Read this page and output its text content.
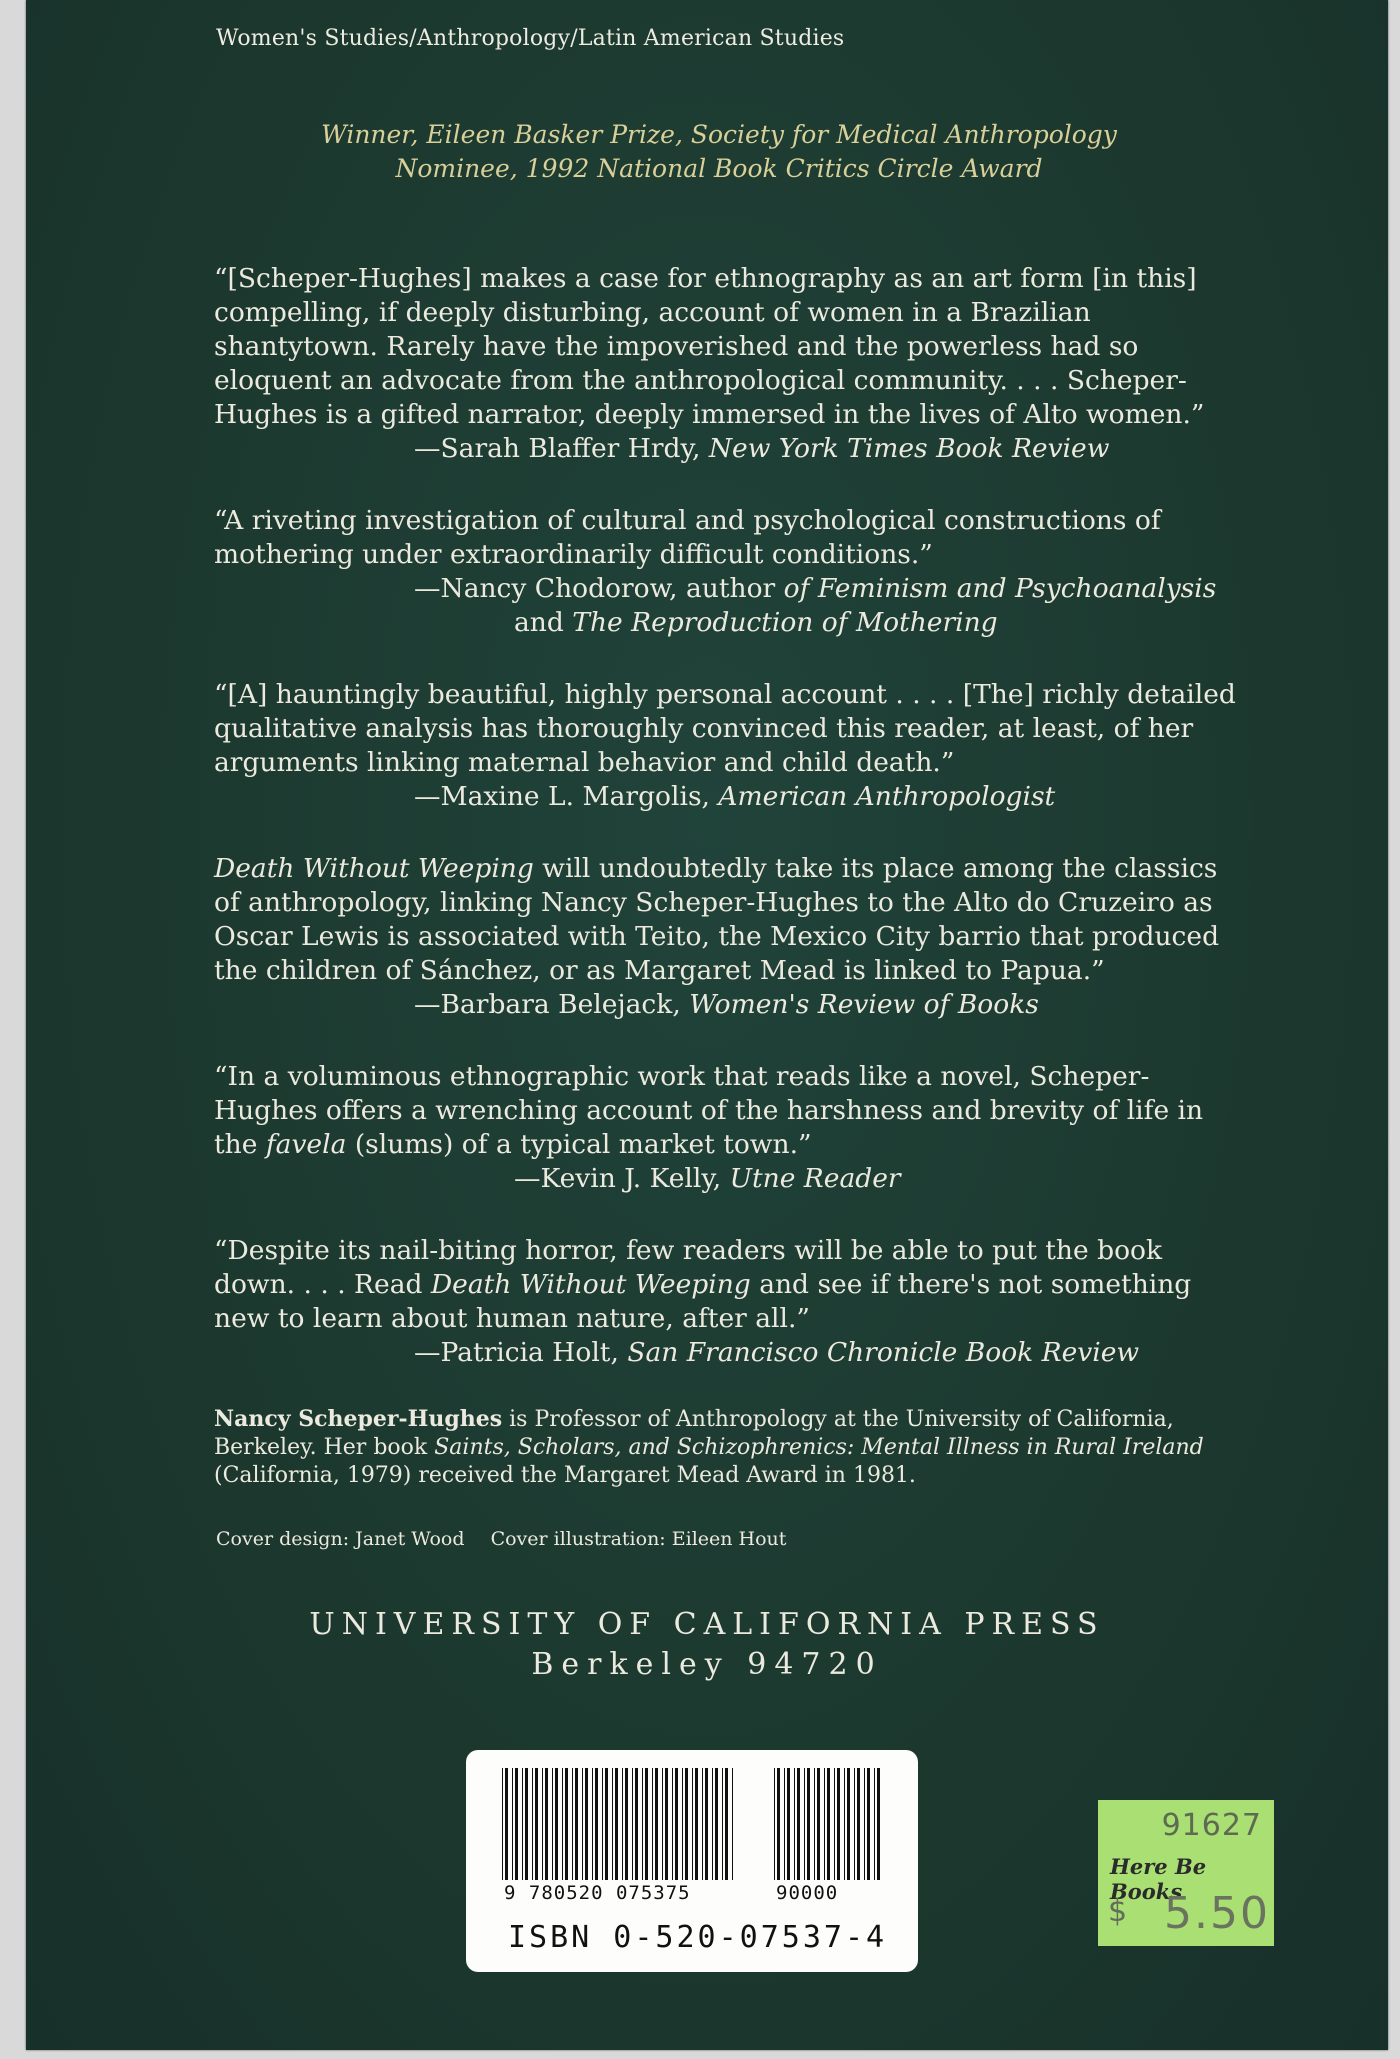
Women's Studies/Anthropology/Latin American Studies
Winner, Eileen Basker Prize, Society for Medical Anthropology
Nominee, 1992 National Book Critics Circle Award
“[Scheper-Hughes] makes a case for ethnography as an art form [in this] compelling, if deeply disturbing, account of women in a Brazilian shantytown. Rarely have the impoverished and the powerless had so eloquent an advocate from the anthropological community. . . . Scheper-Hughes is a gifted narrator, deeply immersed in the lives of Alto women.”
—Sarah Blaffer Hrdy, New York Times Book Review
“A riveting investigation of cultural and psychological constructions of mothering under extraordinarily difficult conditions.”
—Nancy Chodorow, author of Feminism and Psychoanalysis
and The Reproduction of Mothering
“[A] hauntingly beautiful, highly personal account . . . . [The] richly detailed qualitative analysis has thoroughly convinced this reader, at least, of her arguments linking maternal behavior and child death.”
—Maxine L. Margolis, American Anthropologist
Death Without Weeping will undoubtedly take its place among the classics of anthropology, linking Nancy Scheper-Hughes to the Alto do Cruzeiro as Oscar Lewis is associated with Teito, the Mexico City barrio that produced the children of Sánchez, or as Margaret Mead is linked to Papua.”
—Barbara Belejack, Women's Review of Books
“In a voluminous ethnographic work that reads like a novel, Scheper-Hughes offers a wrenching account of the harshness and brevity of life in the favela (slums) of a typical market town.”
—Kevin J. Kelly, Utne Reader
“Despite its nail-biting horror, few readers will be able to put the book down. . . . Read Death Without Weeping and see if there's not something new to learn about human nature, after all.”
—Patricia Holt, San Francisco Chronicle Book Review
Nancy Scheper-Hughes is Professor of Anthropology at the University of California, Berkeley. Her book Saints, Scholars, and Schizophrenics: Mental Illness in Rural Ireland (California, 1979) received the Margaret Mead Award in 1981.
Cover design: Janet Wood Cover illustration: Eileen Hout
UNIVERSITY OF CALIFORNIA PRESS
Berkeley 94720
9 780520 075375	90000
ISBN 0-520-07537-4
91627
Here Be Books
$ 5.50
